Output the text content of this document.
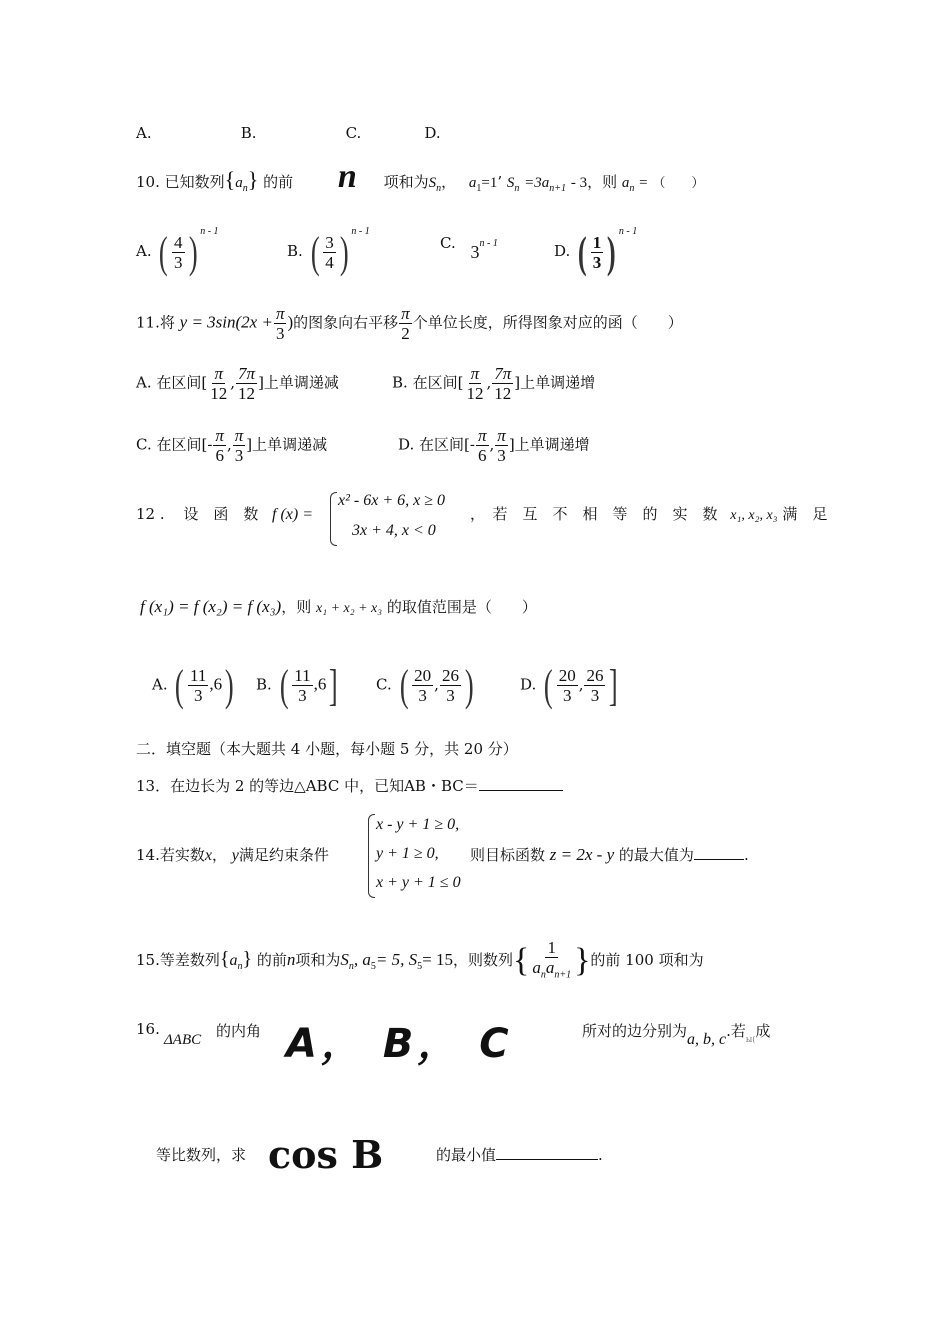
A.	B.	C.	D.
10. 已知数列$\{a_n\}$ 的前 n 项和为$S_n$， $a_1=1$’ $S_n =3a_{n+1} - 3$，则 $a_n$ = （　　）
A. ( $\frac{4}{3}$ ) $^{n - 1}$
B. ( $\frac{3}{4}$ ) $^{n - 1}$
C. 3$^{n - 1}$	D. ( $\frac{1}{3}$ ) $^{n - 1}$
11.将 $y = 3\sin(2x + \frac{\pi}{3}$ )的图象向右平移 $\frac{\pi}{2}$ 个单位长度，所得图象对应的函（　　）
A. 在区间[ $\frac{\pi}{12}$ , $\frac{7\pi}{12}$ ]上单调递减	B. 在区间[ $\frac{\pi}{12}$ , $\frac{7\pi}{12}$ ]上单调递增
C. 在区间[- $\frac{\pi}{6}$ , $\frac{\pi}{3}$ ]上单调递减	D. 在区间[- $\frac{\pi}{6}$ , $\frac{\pi}{3}$ ]上单调递增
12 . 设　函　数 f (x) =
x² - 6x + 6, x ≥ 0
3x + 4, x < 0
，　若　互　不　相　等　的　实　数 x₁, x₂, x₃ 满　足
f (x₁) = f (x₂) = f (x₃)，则 x₁ + x₂ + x₃ 的取值范围是（　　）
A. ( $\frac{11}{3} ,6$) B. ( $\frac{11}{3} ,6$]	C. ( $\frac{20}{3}$ , $\frac{26}{3}$ )	D. ( $\frac{20}{3}$ , $\frac{26}{3}$ ]
二．填空题（本大题共 4 小题，每小题 5 分，共 20 分）
13．在边长为 2 的等边△ABC 中，已知AB・BC＝
14.若实数x， y满足约束条件
x - y + 1 ≥ 0,
y + 1 ≥ 0,
x + y + 1 ≤ 0
则目标函数 z = 2x - y 的最大值为	.
15.等差数列$\{a_n\}$ 的前n项和为$S_n$, $a_5= 5$, $S_5= 15$，则数列{ $\frac{1}{a_na_{n+1}}$ }的前 100 项和为
16.
ΔABC 的内角 A， B， C	所对的边分别为a, b, c.若$_{ы(}$成
等比数列，求 cos B	的最小值	.
